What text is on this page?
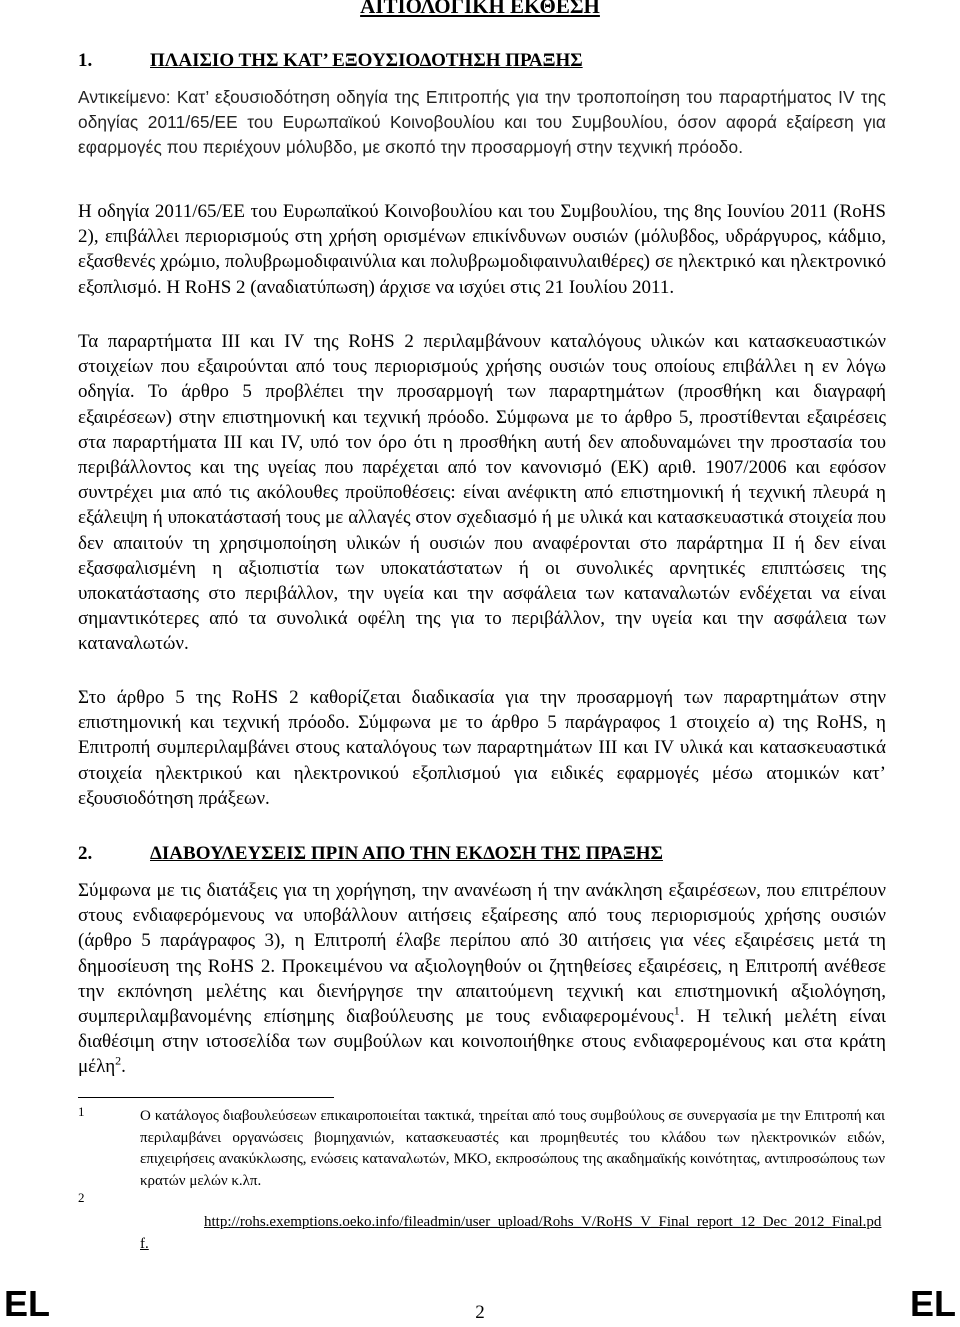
ΑΙΤΙΟΛΟΓΙΚΗ ΕΚΘΕΣΗ
1.	ΠΛΑΙΣΙΟ ΤΗΣ ΚΑΤ’ ΕΞΟΥΣΙΟΔΟΤΗΣΗ ΠΡΑΞΗΣ

Αντικείμενο: Κατ’ εξουσιοδότηση οδηγία της Επιτροπής για την τροποποίηση του παραρτήματος IV της οδηγίας 2011/65/ΕΕ του Ευρωπαϊκού Κοινοβουλίου και του Συμβουλίου, όσον αφορά εξαίρεση για εφαρμογές που περιέχουν μόλυβδο, με σκοπό την προσαρμογή στην τεχνική πρόοδο.

Η οδηγία 2011/65/ΕΕ του Ευρωπαϊκού Κοινοβουλίου και του Συμβουλίου, της 8ης Ιουνίου 2011 (RoHS 2), επιβάλλει περιορισμούς στη χρήση ορισμένων επικίνδυνων ουσιών (μόλυβδος, υδράργυρος, κάδμιο, εξασθενές χρώμιο, πολυβρωμοδιφαινύλια και πολυβρωμοδιφαινυλαιθέρες) σε ηλεκτρικό και ηλεκτρονικό εξοπλισμό. Η RoHS 2 (αναδιατύπωση) άρχισε να ισχύει στις 21 Ιουλίου 2011.

Τα παραρτήματα III και IV της RoHS 2 περιλαμβάνουν καταλόγους υλικών και κατασκευαστικών στοιχείων που εξαιρούνται από τους περιορισμούς χρήσης ουσιών τους οποίους επιβάλλει η εν λόγω οδηγία. Το άρθρο 5 προβλέπει την προσαρμογή των παραρτημάτων (προσθήκη και διαγραφή εξαιρέσεων) στην επιστημονική και τεχνική πρόοδο. Σύμφωνα με το άρθρο 5, προστίθενται εξαιρέσεις στα παραρτήματα III και IV, υπό τον όρο ότι η προσθήκη αυτή δεν αποδυναμώνει την προστασία του περιβάλλοντος και της υγείας που παρέχεται από τον κανονισμό (ΕΚ) αριθ. 1907/2006 και εφόσον συντρέχει μια από τις ακόλουθες προϋποθέσεις: είναι ανέφικτη από επιστημονική ή τεχνική πλευρά η εξάλειψη ή υποκατάστασή τους με αλλαγές στον σχεδιασμό ή με υλικά και κατασκευαστικά στοιχεία που δεν απαιτούν τη χρησιμοποίηση υλικών ή ουσιών που αναφέρονται στο παράρτημα II ή δεν είναι εξασφαλισμένη η αξιοπιστία των υποκατάστατων ή οι συνολικές αρνητικές επιπτώσεις της υποκατάστασης στο περιβάλλον, την υγεία και την ασφάλεια των καταναλωτών ενδέχεται να είναι σημαντικότερες από τα συνολικά οφέλη της για το περιβάλλον, την υγεία και την ασφάλεια των καταναλωτών.

Στο άρθρο 5 της RoHS 2 καθορίζεται διαδικασία για την προσαρμογή των παραρτημάτων στην επιστημονική και τεχνική πρόοδο. Σύμφωνα με το άρθρο 5 παράγραφος 1 στοιχείο α) της RoHS, η Επιτροπή συμπεριλαμβάνει στους καταλόγους των παραρτημάτων III και IV υλικά και κατασκευαστικά στοιχεία ηλεκτρικού και ηλεκτρονικού εξοπλισμού για ειδικές εφαρμογές μέσω ατομικών κατ’ εξουσιοδότηση πράξεων.

2.	ΔΙΑΒΟΥΛΕΥΣΕΙΣ ΠΡΙΝ ΑΠΟ ΤΗΝ ΕΚΔΟΣΗ ΤΗΣ ΠΡΑΞΗΣ

Σύμφωνα με τις διατάξεις για τη χορήγηση, την ανανέωση ή την ανάκληση εξαιρέσεων, που επιτρέπουν στους ενδιαφερόμενους να υποβάλλουν αιτήσεις εξαίρεσης από τους περιορισμούς χρήσης ουσιών (άρθρο 5 παράγραφος 3), η Επιτροπή έλαβε περίπου από 30 αιτήσεις για νέες εξαιρέσεις μετά τη δημοσίευση της RoHS 2. Προκειμένου να αξιολογηθούν οι ζητηθείσες εξαιρέσεις, η Επιτροπή ανέθεσε την εκπόνηση μελέτης και διενήργησε την απαιτούμενη τεχνική και επιστημονική αξιολόγηση, συμπεριλαμβανομένης επίσημης διαβούλευσης με τους ενδιαφερομένους$^1$. Η τελική μελέτη είναι διαθέσιμη στην ιστοσελίδα των συμβούλων και κοινοποιήθηκε στους ενδιαφερομένους και στα κράτη μέλη$^2$.

1	Ο κατάλογος διαβουλεύσεων επικαιροποιείται τακτικά, τηρείται από τους συμβούλους σε συνεργασία με την Επιτροπή και περιλαμβάνει οργανώσεις βιομηχανιών, κατασκευαστές και προμηθευτές του κλάδου των ηλεκτρονικών ειδών, επιχειρήσεις ανακύκλωσης, ενώσεις καταναλωτών, ΜΚΟ, εκπροσώπους της ακαδημαϊκής κοινότητας, αντιπροσώπους των κρατών μελών κ.λπ.

2
http://rohs.exemptions.oeko.info/fileadmin/user_upload/Rohs_V/RoHS_V_Final_report_12_Dec_2012_Final.pdf.

EL	2	EL
